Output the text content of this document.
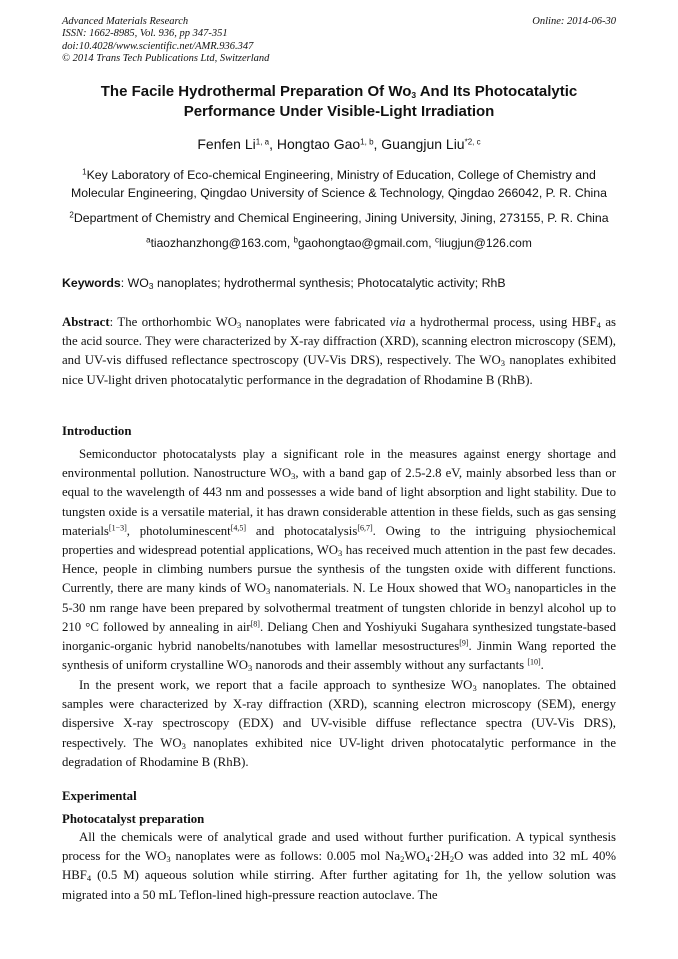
Advanced Materials Research
ISSN: 1662-8985, Vol. 936, pp 347-351
doi:10.4028/www.scientific.net/AMR.936.347
© 2014 Trans Tech Publications Ltd, Switzerland
Online: 2014-06-30
The Facile Hydrothermal Preparation Of $Wo_3$ And Its Photocatalytic
Performance Under Visible-Light Irradiation
Fenfen Li$^{1, a}$, Hongtao Gao$^{1, b}$, Guangjun Liu$^{*2, c}$
$^1$Key Laboratory of Eco-chemical Engineering, Ministry of Education, College of Chemistry and
Molecular Engineering, Qingdao University of Science & Technology, Qingdao 266042, P. R. China
$^2$Department of Chemistry and Chemical Engineering, Jining University, Jining, 273155, P. R. China
$^a$tiaozhanzhong@163.com, $^b$gaohongtao@gmail.com, $^c$liugjun@126.com
Keywords: $WO_3$ nanoplates; hydrothermal synthesis; Photocatalytic activity; RhB
Abstract: The orthorhombic $WO_3$ nanoplates were fabricated via a hydrothermal process, using $HBF_4$ as the acid source. They were characterized by X-ray diffraction (XRD), scanning electron microscopy (SEM), and UV-vis diffused reflectance spectroscopy (UV-Vis DRS), respectively. The $WO_3$ nanoplates exhibited nice UV-light driven photocatalytic performance in the degradation of Rhodamine B (RhB).
Introduction
Semiconductor photocatalysts play a significant role in the measures against energy shortage and environmental pollution. Nanostructure $WO_3$, with a band gap of 2.5-2.8 eV, mainly absorbed less than or equal to the wavelength of 443 nm and possesses a wide band of light absorption and light stability. Due to tungsten oxide is a versatile material, it has drawn considerable attention in these fields, such as gas sensing materials[1−3], photoluminescent[4,5] and photocatalysis[6,7]. Owing to the intriguing physiochemical properties and widespread potential applications, $WO_3$ has received much attention in the past few decades. Hence, people in climbing numbers pursue the synthesis of the tungsten oxide with different functions. Currently, there are many kinds of $WO_3$ nanomaterials. N. Le Houx showed that $WO_3$ nanoparticles in the 5-30 nm range have been prepared by solvothermal treatment of tungsten chloride in benzyl alcohol up to 210 °C followed by annealing in air[8]. Deliang Chen and Yoshiyuki Sugahara synthesized tungstate-based inorganic-organic hybrid nanobelts/nanotubes with lamellar mesostructures[9]. Jinmin Wang reported the synthesis of uniform crystalline $WO_3$ nanorods and their assembly without any surfactants [10].
In the present work, we report that a facile approach to synthesize $WO_3$ nanoplates. The obtained samples were characterized by X-ray diffraction (XRD), scanning electron microscopy (SEM), energy dispersive X-ray spectroscopy (EDX) and UV-visible diffuse reflectance spectra (UV-Vis DRS), respectively. The $WO_3$ nanoplates exhibited nice UV-light driven photocatalytic performance in the degradation of Rhodamine B (RhB).
Experimental
Photocatalyst preparation
All the chemicals were of analytical grade and used without further purification. A typical synthesis process for the $WO_3$ nanoplates were as follows: 0.005 mol $Na_2WO_4\cdot 2H_2O$ was added into 32 mL 40% $HBF_4$ (0.5 M) aqueous solution while stirring. After further agitating for 1h, the yellow solution was migrated into a 50 mL Teflon-lined high-pressure reaction autoclave. The
